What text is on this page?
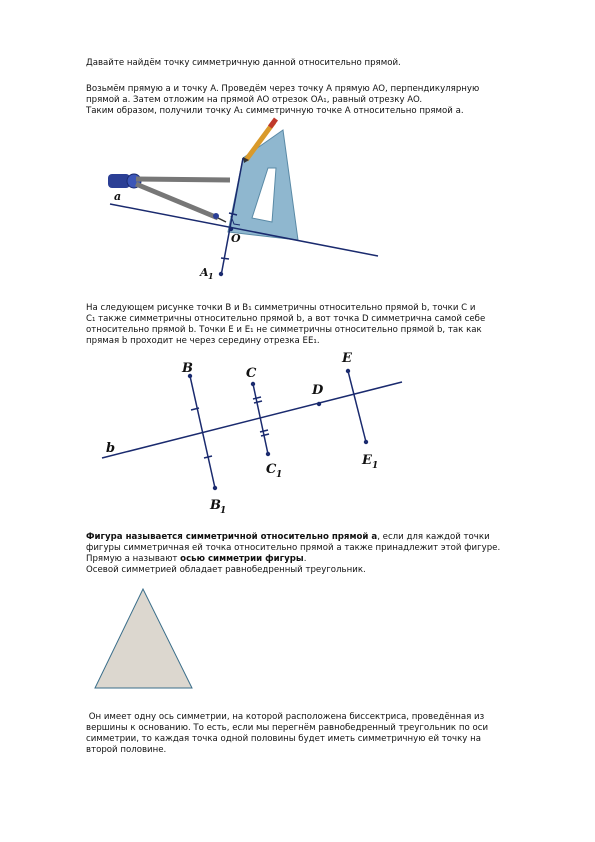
Давайте найдём точку симметричную данной относительно прямой.

Возьмём прямую a и точку A. Проведём через точку A прямую AO, перпендикулярную
прямой a. Затем отложим на прямой AO отрезок OA₁, равный отрезку AO.
Таким образом, получили точку A₁ симметричную точке A относительно прямой a.

a
O
A 1

На следующем рисунке точки B и B₁ симметричны относительно прямой b, точки C и
C₁ также симметричны относительно прямой b, а вот точка D симметрична самой себе
относительно прямой b. Точки E и E₁ не симметричны относительно прямой b, так как
прямая b проходит не через середину отрезка EE₁.

B
B 1
C
C 1
D
E
E 1
b

Фигура называется симметричной относительно прямой a, если для каждой точки
фигуры симметричная ей точка относительно прямой a также принадлежит этой фигуре.
Прямую a называют осью симметрии фигуры.
Осевой симметрией обладает равнобедренный треугольник.

Он имеет одну ось симметрии, на которой расположена биссектриса, проведённая из
вершины к основанию. То есть, если мы перегнём равнобедренный треугольник по оси
симметрии, то каждая точка одной половины будет иметь симметричную ей точку на
второй половине.
